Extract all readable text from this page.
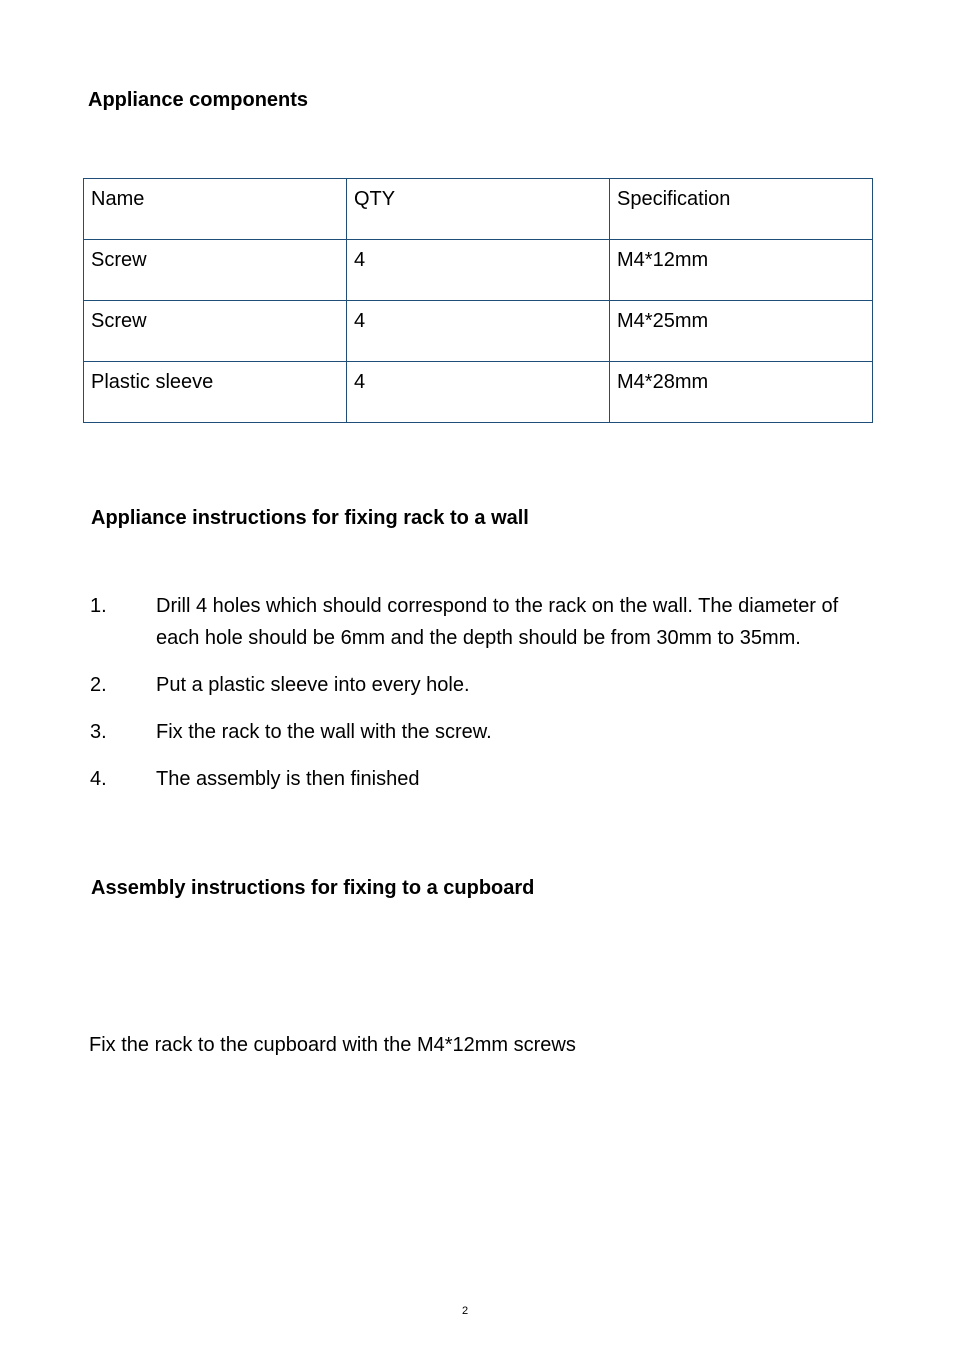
Appliance components
Name	QTY	Specification
Screw	4	M4*12mm
Screw	4	M4*25mm
Plastic sleeve	4	M4*28mm
Appliance instructions for fixing rack to a wall
1.	Drill 4 holes which should correspond to the rack on the wall. The diameter of each hole should be 6mm and the depth should be from 30mm to 35mm.
2.	Put a plastic sleeve into every hole.
3.	Fix the rack to the wall with the screw.
4.	The assembly is then finished
Assembly instructions for fixing to a cupboard
Fix the rack to the cupboard with the M4*12mm screws
2
